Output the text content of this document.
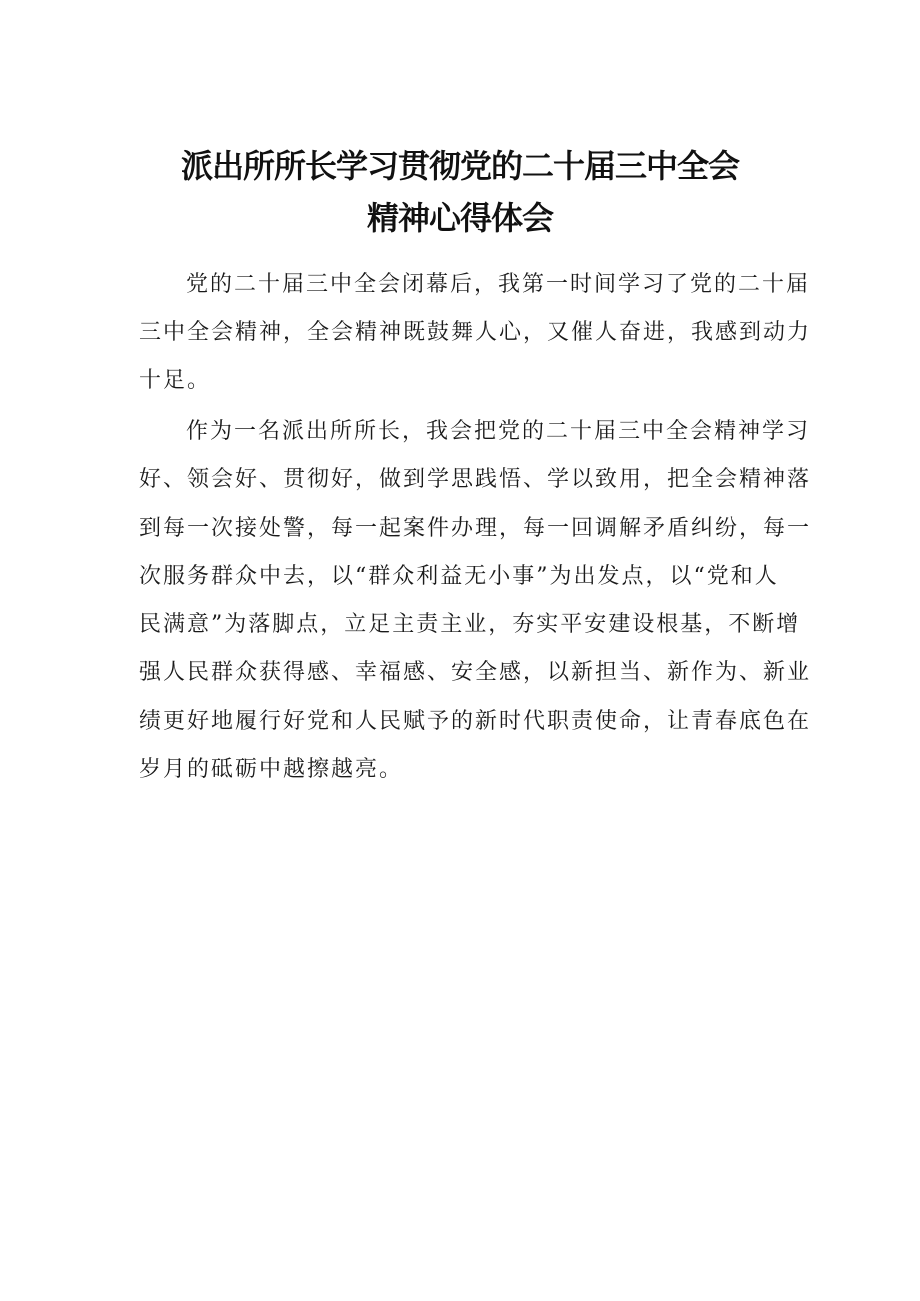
派出所所长学习贯彻党的二十届三中全会
精神心得体会

党的二十届三中全会闭幕后，我第一时间学习了党的二十届

三中全会精神，全会精神既鼓舞人心，又催人奋进，我感到动力

十足。

作为一名派出所所长，我会把党的二十届三中全会精神学习

好、领会好、贯彻好，做到学思践悟、学以致用，把全会精神落

到每一次接处警，每一起案件办理，每一回调解矛盾纠纷，每一

次服务群众中去，以“群众利益无小事”为出发点，以“党和人

民满意”为落脚点，立足主责主业，夯实平安建设根基，不断增

强人民群众获得感、幸福感、安全感，以新担当、新作为、新业

绩更好地履行好党和人民赋予的新时代职责使命，让青春底色在

岁月的砥砺中越擦越亮。
